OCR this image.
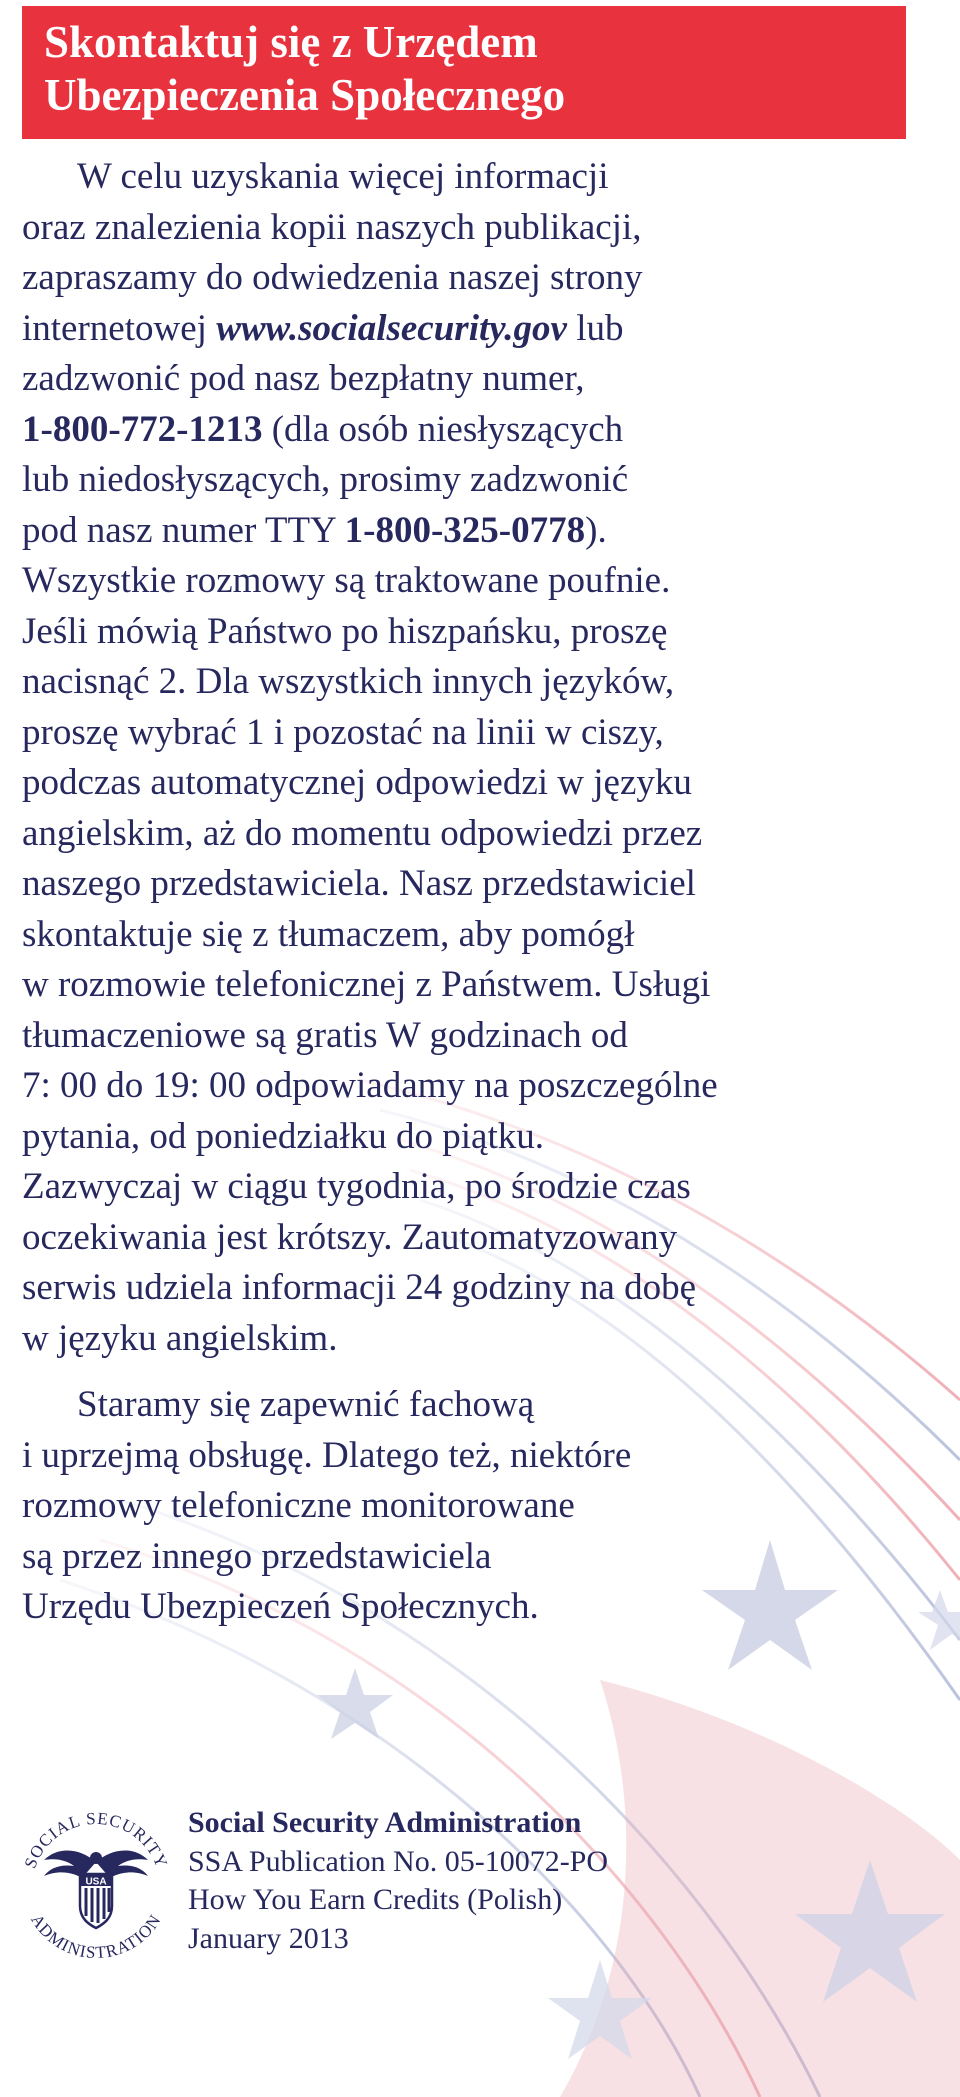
Skontaktuj się z Urzędem
Ubezpieczenia Społecznego
W celu uzyskania więcej informacji
oraz znalezienia kopii naszych publikacji,
zapraszamy do odwiedzenia naszej strony
internetowej www.socialsecurity.gov lub
zadzwonić pod nasz bezpłatny numer,
1-800-772-1213 (dla osób niesłyszących
lub niedosłyszących, prosimy zadzwonić
pod nasz numer TTY 1-800-325-0778).
Wszystkie rozmowy są traktowane poufnie.
Jeśli mówią Państwo po hiszpańsku, proszę
nacisnąć 2. Dla wszystkich innych języków,
proszę wybrać 1 i pozostać na linii w ciszy,
podczas automatycznej odpowiedzi w języku
angielskim, aż do momentu odpowiedzi przez
naszego przedstawiciela. Nasz przedstawiciel
skontaktuje się z tłumaczem, aby pomógł
w rozmowie telefonicznej z Państwem. Usługi
tłumaczeniowe są gratis W godzinach od
7: 00 do 19: 00 odpowiadamy na poszczególne
pytania, od poniedziałku do piątku.
Zazwyczaj w ciągu tygodnia, po środzie czas
oczekiwania jest krótszy. Zautomatyzowany
serwis udziela informacji 24 godziny na dobę
w języku angielskim.
Staramy się zapewnić fachową
i uprzejmą obsługę. Dlatego też, niektóre
rozmowy telefoniczne monitorowane
są przez innego przedstawiciela
Urzędu Ubezpieczeń Społecznych.
SOCIAL SECURITY
ADMINISTRATION
USA
Social Security Administration
SSA Publication No. 05-10072-PO
How You Earn Credits (Polish)
January 2013
